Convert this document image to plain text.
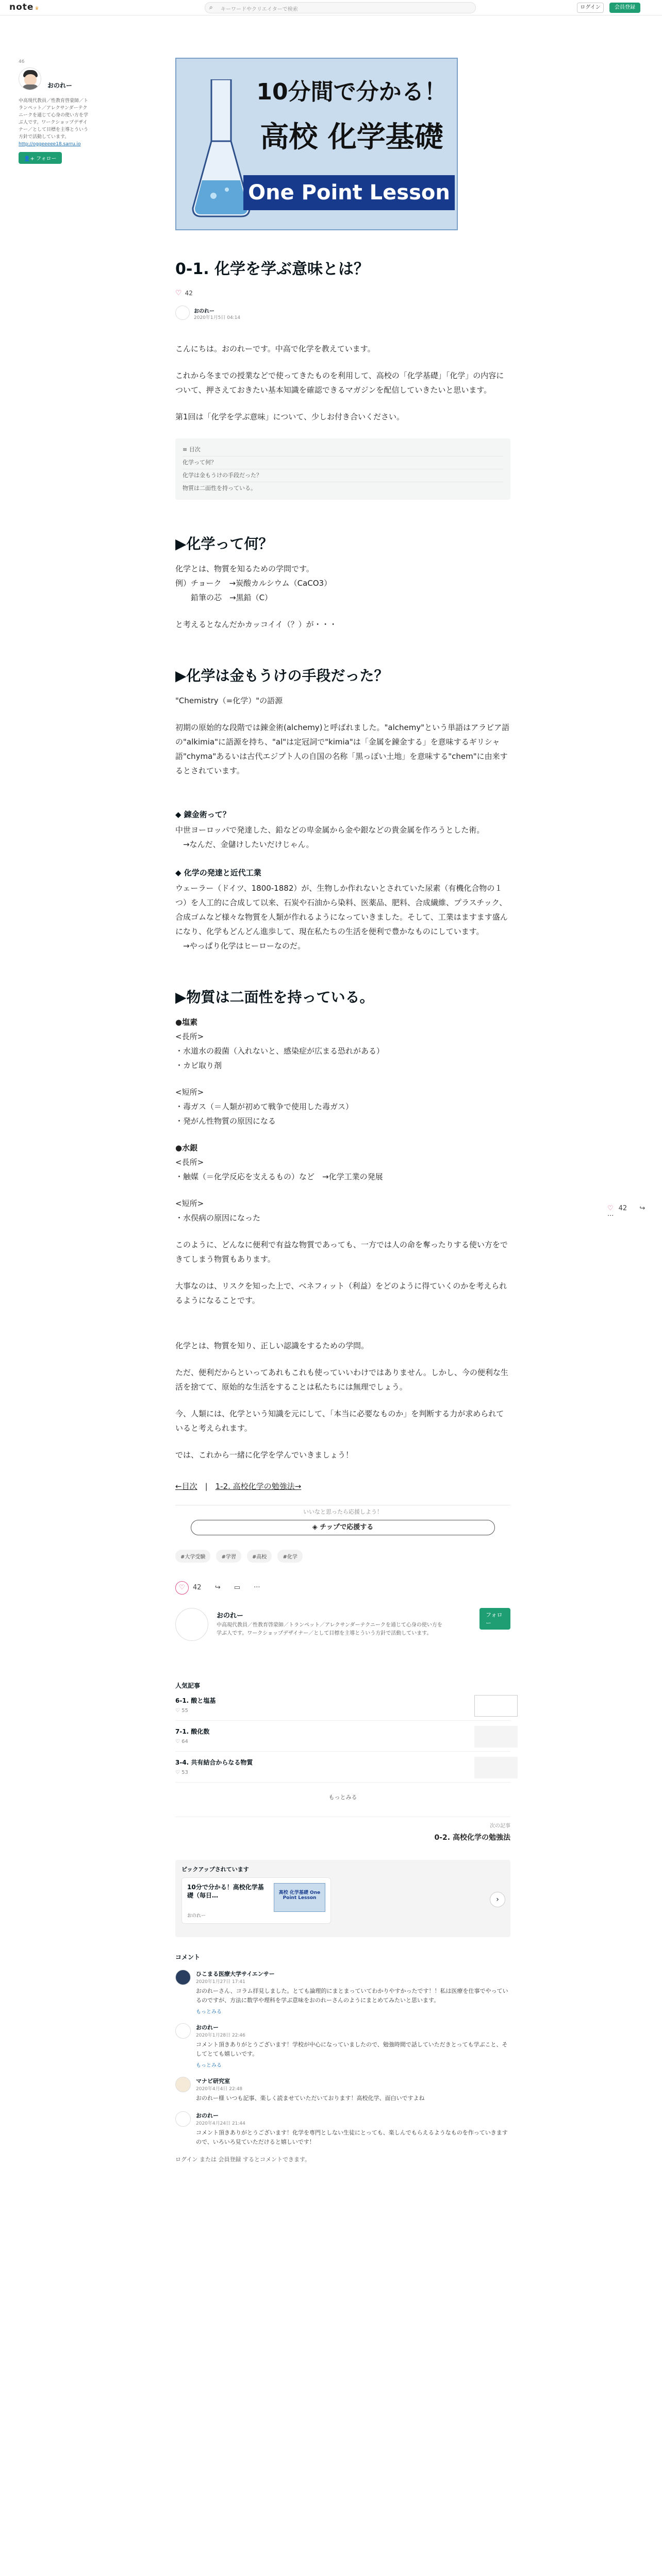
note ♛	⌕ キーワードやクリエイターで検索	ログイン	会員登録
46
おのれー
中高現代教員／性教育啓蒙師／トランペット／アレクサンダーテクニークを通じて心身の使い方を学ぶ人です。ワークショップデザイナー／として目標を主導とういう方針で活動しています。
http://oggeeeee18.sarru.io
👤+ フォロー
10分間で分かる！
高校 化学基礎
One Point Lesson
0-1. 化学を学ぶ意味とは？
♡ 42
おのれー
2020年1月5日 04:14

こんにちは。おのれーです。中高で化学を教えています。

これから冬までの授業などで使ってきたものを利用して、高校の「化学基礎」「化学」の内容について、押さえておきたい基本知識を確認できるマガジンを配信していきたいと思います。

第1回は「化学を学ぶ意味」について、少しお付き合いください。

≡ 目次
化学って何？
化学は金もうけの手段だった？
物質は二面性を持っている。
▶化学って何？

化学とは、物質を知るための学問です。

例）チョーク　→炭酸カルシウム（CaCO3）

　　鉛筆の芯　→黒鉛（C）

と考えるとなんだかカッコイイ（？）が・・・

▶化学は金もうけの手段だった？

"Chemistry（=化学）"の語源

初期の原始的な段階では錬金術(alchemy)と呼ばれました。"alchemy"という単語はアラビア語の"alkimia"に語源を持ち、"al"は定冠詞で"kimia"は「金属を錬金する」を意味するギリシャ語"chyma"あるいは古代エジプト人の自国の名称「黒っぽい土地」を意味する"chem"に由来するとされています。

◆ 錬金術って？

中世ヨーロッパで発達した、鉛などの卑金属から金や銀などの貴金属を作ろうとした術。

　→なんだ、金儲けしたいだけじゃん。

◆ 化学の発達と近代工業

ウェーラー（ドイツ、1800-1882）が、生物しか作れないとされていた尿素（有機化合物の１つ）を人工的に合成して以来、石炭や石油から染料、医薬品、肥料、合成繊維、プラスチック、合成ゴムなど様々な物質を人類が作れるようになっていきました。そして、工業はますます盛んになり、化学もどんどん進歩して、現在私たちの生活を便利で豊かなものにしています。

　→やっぱり化学はヒーローなのだ。

▶物質は二面性を持っている。

●塩素
<長所>
・水道水の殺菌（入れないと、感染症が広まる恐れがある）
・カビ取り剤

<短所>
・毒ガス（＝人類が初めて戦争で使用した毒ガス）
・発がん性物質の原因になる

●水銀
<長所>
・触媒（＝化学反応を支えるもの）など　→化学工業の発展

<短所>
・水俣病の原因になった

このように、どんなに便利で有益な物質であっても、一方では人の命を奪ったりする使い方をできてしまう物質もあります。

大事なのは、リスクを知った上で、ベネフィット（利益）をどのように得ていくのかを考えられるようになることです。

化学とは、物質を知り、正しい認識をするための学問。

ただ、便利だからといってあれもこれも使っていいわけではありません。しかし、今の便利な生活を捨てて、原始的な生活をすることは私たちには無理でしょう。

今、人類には、化学という知識を元にして、「本当に必要なものか」を判断する力が求められていると考えられます。

では、これから一緒に化学を学んでいきましょう！

←目次　|　1-2. 高校化学の勉強法→
いいなと思ったら応援しよう！
◈ チップで応援する
#大学受験	#学習	#高校	#化学
♡ 42 ↪ ▭ ···
おのれー
中高現代教員／性教育啓蒙師／トランペット／アレクサンダーテクニークを通じて心身の使い方を学ぶ人です。ワークショップデザイナー／として目標を主導とういう方針で活動しています。
フォロー
人気記事
6-1. 酸と塩基
♡ 55
7-1. 酸化数
♡ 64
3-4. 共有結合からなる物質
♡ 53
もっとみる
次の記事
0-2. 高校化学の勉強法
ピックアップされています
10分で分かる！高校化学基礎（毎日…	高校 化学基礎 One Point Lesson
おのれー
›
コメント
ひこまる医療大学サイエンサー
2020年1月27日 17:41
おのれーさん、コラム拝見しました。とても論理的にまとまっていてわかりやすかったです！！私は医療を仕事でやっているのですが、方法に数学や理科を学ぶ意味をおのれーさんのようにまとめてみたいと思います。
もっとみる
おのれー
2020年1月28日 22:46
コメント頂きありがとうございます！学校が中心になっていましたので、勉強時間で話していただきとっても学ぶこと、そしてとても嬉しいです。
もっとみる
マナビ研究室
2020年4月4日 22:48
おのれー様 いつも記事、楽しく読ませていただいております！高校化学、面白いですよね
おのれー
2020年4月24日 21:44
コメント頂きありがとうございます！化学を専門としない生徒にとっても、楽しんでもらえるようなものを作っていきますので、いろいろ見ていただけると嬉しいです！
ログイン または 会員登録 するとコメントできます。
♡ 42 ↪ ···
